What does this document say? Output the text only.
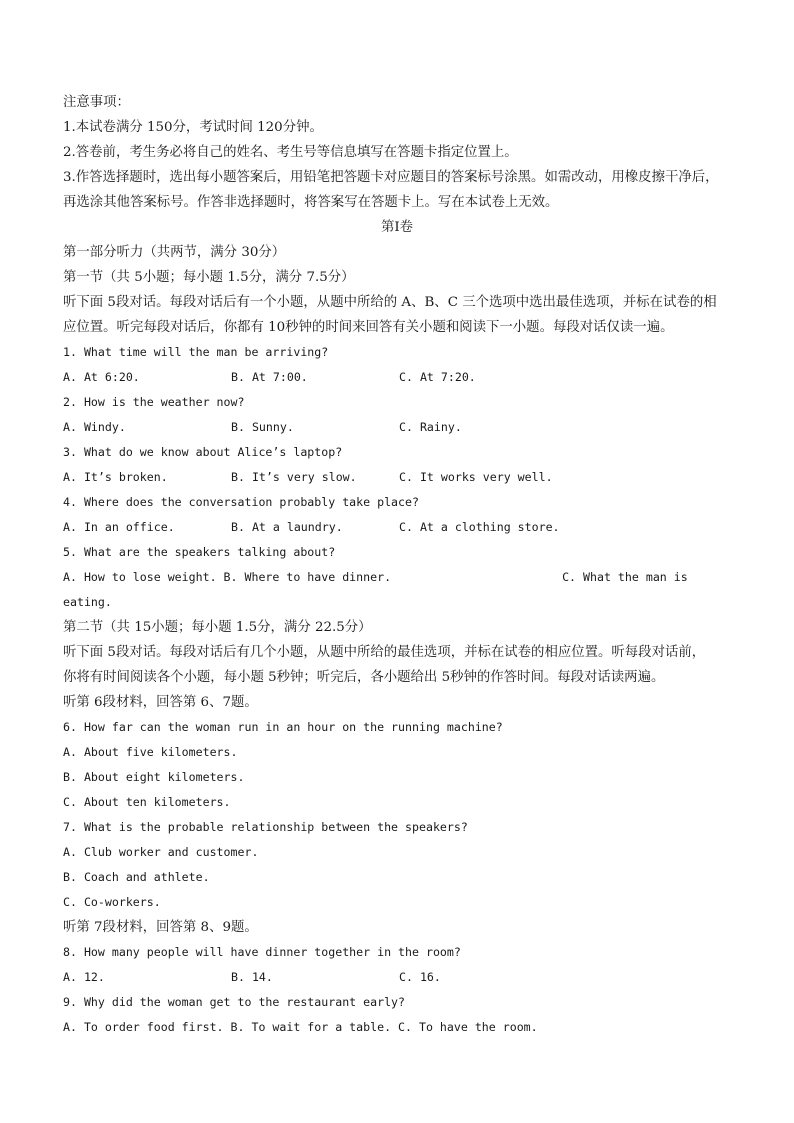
注意事项：
1.本试卷满分 150分，考试时间 120分钟。
2.答卷前，考生务必将自己的姓名、考生号等信息填写在答题卡指定位置上。
3.作答选择题时，选出每小题答案后，用铅笔把答题卡对应题目的答案标号涂黑。如需改动，用橡皮擦干净后，
再选涂其他答案标号。作答非选择题时，将答案写在答题卡上。写在本试卷上无效。
第I卷
第一部分听力（共两节，满分 30分）
第一节（共 5小题；每小题 1.5分，满分 7.5分）
听下面 5段对话。每段对话后有一个小题，从题中所给的 A、B、C 三个选项中选出最佳选项，并标在试卷的相
应位置。听完每段对话后，你都有 10秒钟的时间来回答有关小题和阅读下一小题。每段对话仅读一遍。
1. What time will the man be arriving?
A. At 6:20.	B. At 7:00.	C. At 7:20.
2. How is the weather now?
A. Windy.	B. Sunny.	C. Rainy.
3. What do we know about Alice’s laptop?
A. It’s broken.	B. It’s very slow.	C. It works very well.
4. Where does the conversation probably take place?
A. In an office.	B. At a laundry.	C. At a clothing store.
5. What are the speakers talking about?
A. How to lose weight. B. Where to have dinner.	C. What the man is
eating.
第二节（共 15小题；每小题 1.5分，满分 22.5分）
听下面 5段对话。每段对话后有几个小题，从题中所给的最佳选项，并标在试卷的相应位置。听每段对话前，
你将有时间阅读各个小题，每小题 5秒钟；听完后，各小题给出 5秒钟的作答时间。每段对话读两遍。
听第 6段材料，回答第 6、7题。
6. How far can the woman run in an hour on the running machine?
A. About five kilometers.
B. About eight kilometers.
C. About ten kilometers.
7. What is the probable relationship between the speakers?
A. Club worker and customer.
B. Coach and athlete.
C. Co-workers.
听第 7段材料，回答第 8、9题。
8. How many people will have dinner together in the room?
A. 12.	B. 14.	C. 16.
9. Why did the woman get to the restaurant early?
A. To order food first. B. To wait for a table. C. To have the room.
